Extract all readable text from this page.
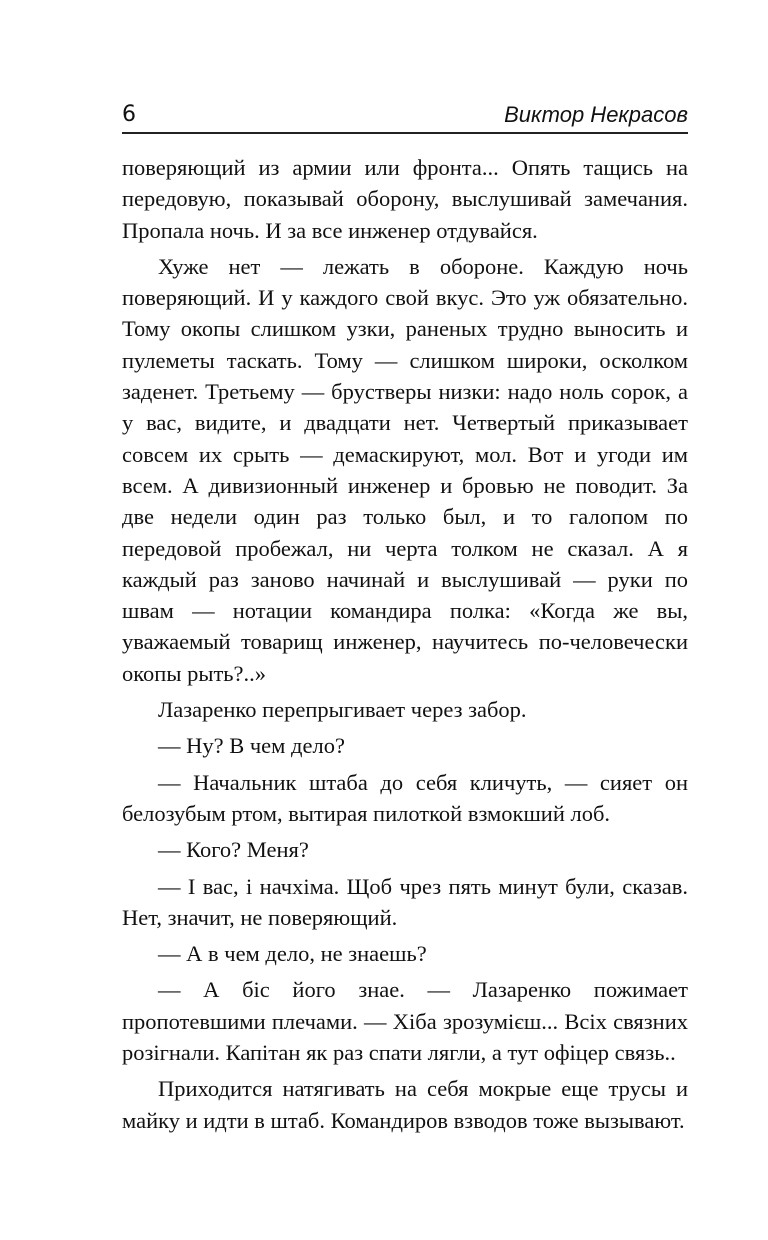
6	Виктор Некрасов

поверяющий из армии или фронта... Опять тащись на передовую, показывай оборону, выслушивай замечания. Пропала ночь. И за все инженер отдувайся.

Хуже нет — лежать в обороне. Каждую ночь поверяющий. И у каждого свой вкус. Это уж обязательно. Тому окопы слишком узки, раненых трудно выносить и пулеметы таскать. Тому — слишком широки, осколком заденет. Третьему — брустверы низки: надо ноль сорок, а у вас, видите, и двадцати нет. Четвертый приказывает совсем их срыть — демаскируют, мол. Вот и угоди им всем. А дивизионный инженер и бровью не поводит. За две недели один раз только был, и то галопом по передовой пробежал, ни черта толком не сказал. А я каждый раз заново начинай и выслушивай — руки по швам — нотации командира полка: «Когда же вы, уважаемый товарищ инженер, научитесь по-человечески окопы рыть?..»

Лазаренко перепрыгивает через забор.

— Ну? В чем дело?

— Начальник штаба до себя кличуть, — сияет он белозубым ртом, вытирая пилоткой взмокший лоб.

— Кого? Меня?

— І вас, і начхіма. Щоб чрез пять минут були, сказав. Нет, значит, не поверяющий.

— А в чем дело, не знаешь?

— А біс його знае. — Лазаренко пожимает пропотевшими плечами. — Хіба зрозумієш... Всіх связних розігнали. Капітан як раз спати лягли, а тут офіцер связь..

Приходится натягивать на себя мокрые еще трусы и майку и идти в штаб. Командиров взводов тоже вызывают.
